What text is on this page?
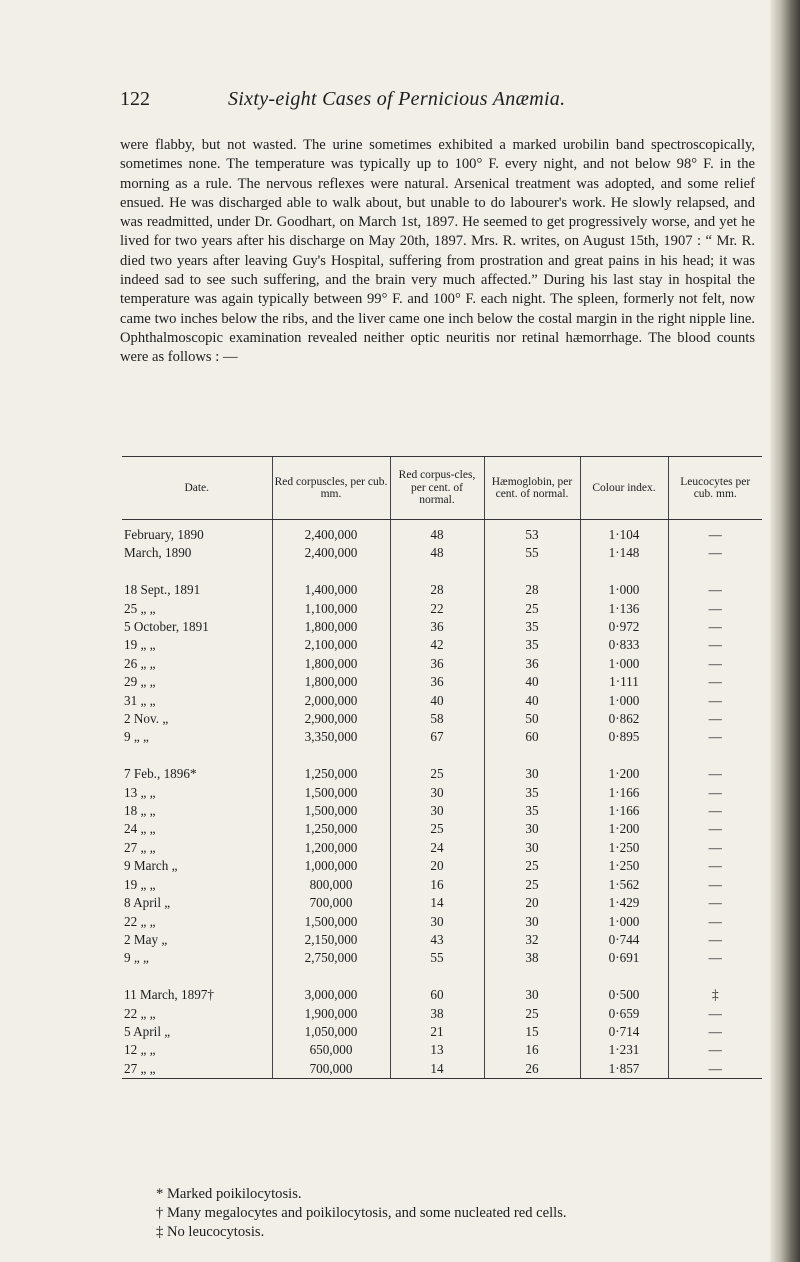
122	Sixty-eight Cases of Pernicious Anæmia.

were flabby, but not wasted. The urine sometimes exhibited a marked urobilin band spectroscopically, sometimes none. The temperature was typically up to 100° F. every night, and not below 98° F. in the morning as a rule. The nervous reflexes were natural. Arsenical treatment was adopted, and some relief ensued. He was discharged able to walk about, but unable to do labourer's work. He slowly relapsed, and was readmitted, under Dr. Goodhart, on March 1st, 1897. He seemed to get progressively worse, and yet he lived for two years after his discharge on May 20th, 1897. Mrs. R. writes, on August 15th, 1907 : “ Mr. R. died two years after leaving Guy's Hospital, suffering from prostration and great pains in his head; it was indeed sad to see such suffering, and the brain very much affected.” During his last stay in hospital the temperature was again typically between 99° F. and 100° F. each night. The spleen, formerly not felt, now came two inches below the ribs, and the liver came one inch below the costal margin in the right nipple line. Ophthalmoscopic examination revealed neither optic neuritis nor retinal hæmorrhage. The blood counts were as follows : —

Date.	Red corpuscles, per cub. mm.	Red corpus-cles, per cent. of normal.	Hæmoglobin, per cent. of normal.	Colour index.	Leucocytes per cub. mm.
February, 1890	2,400,000	48	53	1·104	—
March, 1890	2,400,000	48	55	1·148	—

18 Sept., 1891	1,400,000	28	28	1·000	—
25 „ „	1,100,000	22	25	1·136	—
5 October, 1891	1,800,000	36	35	0·972	—
19 „ „	2,100,000	42	35	0·833	—
26 „ „	1,800,000	36	36	1·000	—
29 „ „	1,800,000	36	40	1·111	—
31 „ „	2,000,000	40	40	1·000	—
2 Nov. „	2,900,000	58	50	0·862	—
9 „ „	3,350,000	67	60	0·895	—

7 Feb., 1896*	1,250,000	25	30	1·200	—
13 „ „	1,500,000	30	35	1·166	—
18 „ „	1,500,000	30	35	1·166	—
24 „ „	1,250,000	25	30	1·200	—
27 „ „	1,200,000	24	30	1·250	—
9 March „	1,000,000	20	25	1·250	—
19 „ „	800,000	16	25	1·562	—
8 April „	700,000	14	20	1·429	—
22 „ „	1,500,000	30	30	1·000	—
2 May „	2,150,000	43	32	0·744	—
9 „ „	2,750,000	55	38	0·691	—

11 March, 1897†	3,000,000	60	30	0·500	‡
22 „ „	1,900,000	38	25	0·659	—
5 April „	1,050,000	21	15	0·714	—
12 „ „	650,000	13	16	1·231	—
27 „ „	700,000	14	26	1·857	—
* Marked poikilocytosis.
† Many megalocytes and poikilocytosis, and some nucleated red cells.
‡ No leucocytosis.
